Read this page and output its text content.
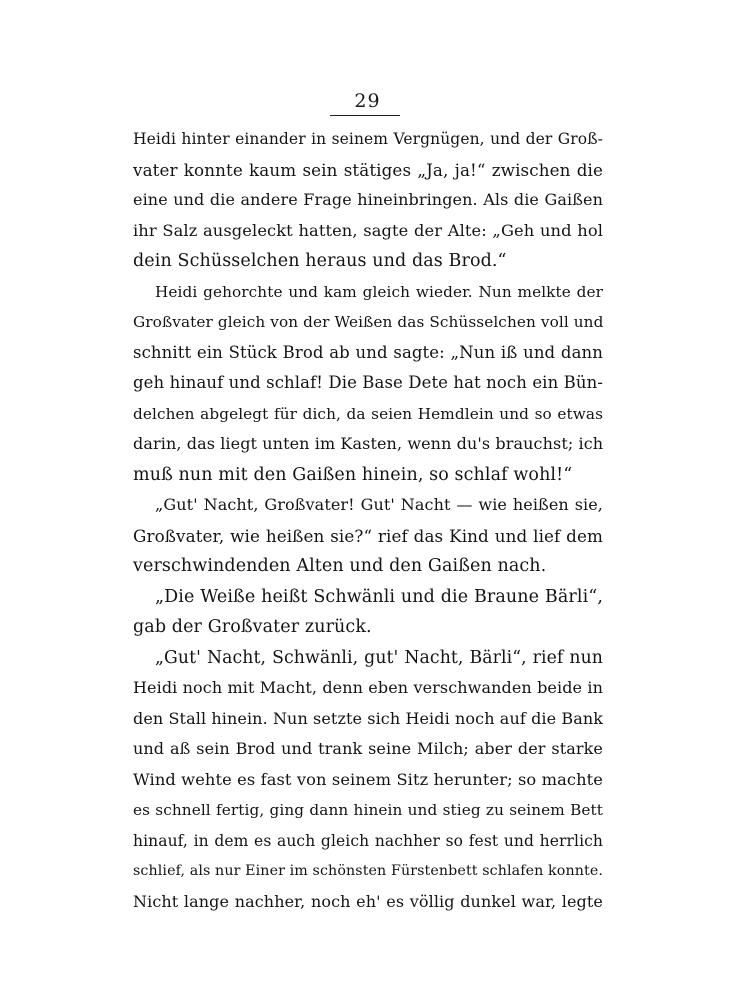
29
Heidi hinter einander in seinem Vergnügen, und der Groß-
vater konnte kaum sein stätiges „Ja, ja!“ zwischen die
eine und die andere Frage hineinbringen. Als die Gaißen
ihr Salz ausgeleckt hatten, sagte der Alte: „Geh und hol
dein Schüsselchen heraus und das Brod.“
Heidi gehorchte und kam gleich wieder. Nun melkte der
Großvater gleich von der Weißen das Schüsselchen voll und
schnitt ein Stück Brod ab und sagte: „Nun iß und dann
geh hinauf und schlaf! Die Base Dete hat noch ein Bün-
delchen abgelegt für dich, da seien Hemdlein und so etwas
darin, das liegt unten im Kasten, wenn du's brauchst; ich
muß nun mit den Gaißen hinein, so schlaf wohl!“
„Gut' Nacht, Großvater! Gut' Nacht — wie heißen sie,
Großvater, wie heißen sie?“ rief das Kind und lief dem
verschwindenden Alten und den Gaißen nach.
„Die Weiße heißt Schwänli und die Braune Bärli“,
gab der Großvater zurück.
„Gut' Nacht, Schwänli, gut' Nacht, Bärli“, rief nun
Heidi noch mit Macht, denn eben verschwanden beide in
den Stall hinein. Nun setzte sich Heidi noch auf die Bank
und aß sein Brod und trank seine Milch; aber der starke
Wind wehte es fast von seinem Sitz herunter; so machte
es schnell fertig, ging dann hinein und stieg zu seinem Bett
hinauf, in dem es auch gleich nachher so fest und herrlich
schlief, als nur Einer im schönsten Fürstenbett schlafen konnte.
Nicht lange nachher, noch eh' es völlig dunkel war, legte
